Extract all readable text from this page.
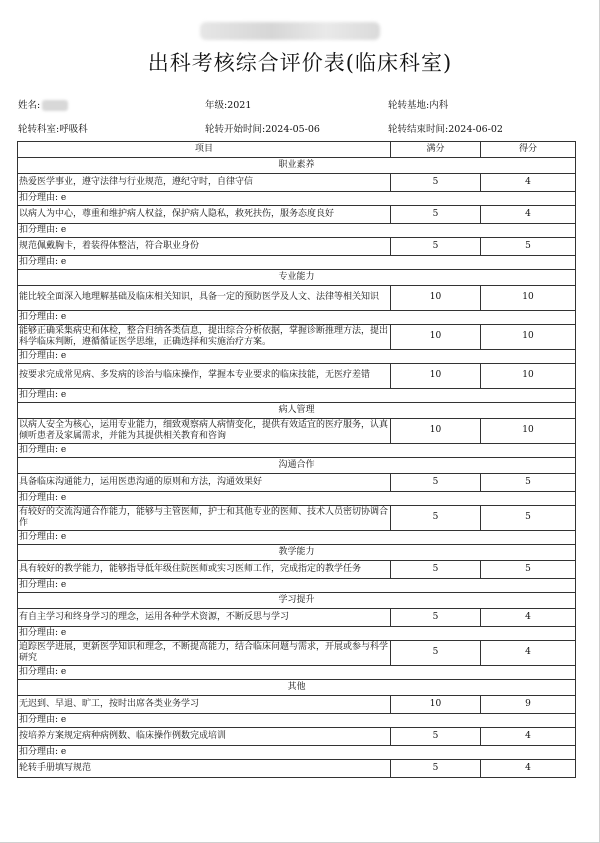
出科考核综合评价表(临床科室)
姓名:	年级:2021	轮转基地:内科
轮转科室:呼吸科	轮转开始时间:2024-05-06	轮转结束时间:2024-06-02
项目	满分	得分
职业素养		
热爱医学事业，遵守法律与行业规范，遵纪守时，自律守信	5	4
扣分理由: e		
以病人为中心，尊重和维护病人权益，保护病人隐私，救死扶伤，服务态度良好	5	4
扣分理由: e		
规范佩戴胸卡，着装得体整洁，符合职业身份	5	5
扣分理由: e		
专业能力		
能比较全面深入地理解基础及临床相关知识，具备一定的预防医学及人文、法律等相关知识	10	10
扣分理由: e		
能够正确采集病史和体检，整合归纳各类信息，提出综合分析依据，掌握诊断推理方法，提出科学临床判断，遵循循证医学思维，正确选择和实施治疗方案。	10	10
扣分理由: e		
按要求完成常见病、多发病的诊治与临床操作，掌握本专业要求的临床技能，无医疗差错	10	10
扣分理由: e		
病人管理		
以病人安全为核心，运用专业能力，细致观察病人病情变化，提供有效适宜的医疗服务，认真倾听患者及家属需求，并能为其提供相关教育和咨询	10	10
扣分理由: e		
沟通合作		
具备临床沟通能力，运用医患沟通的原则和方法，沟通效果好	5	5
扣分理由: e		
有较好的交流沟通合作能力，能够与主管医师，护士和其他专业的医师、技术人员密切协调合作	5	5
扣分理由: e		
教学能力		
具有较好的教学能力，能够指导低年级住院医师或实习医师工作，完成指定的教学任务	5	5
扣分理由: e		
学习提升		
有自主学习和终身学习的理念，运用各种学术资源，不断反思与学习	5	4
扣分理由: e		
追踪医学进展，更新医学知识和理念，不断提高能力，结合临床问题与需求，开展或参与科学研究	5	4
扣分理由: e		
其他		
无迟到、早退、旷工，按时出席各类业务学习	10	9
扣分理由: e		
按培养方案规定病种病例数、临床操作例数完成培训	5	4
扣分理由: e		
轮转手册填写规范	5	4
